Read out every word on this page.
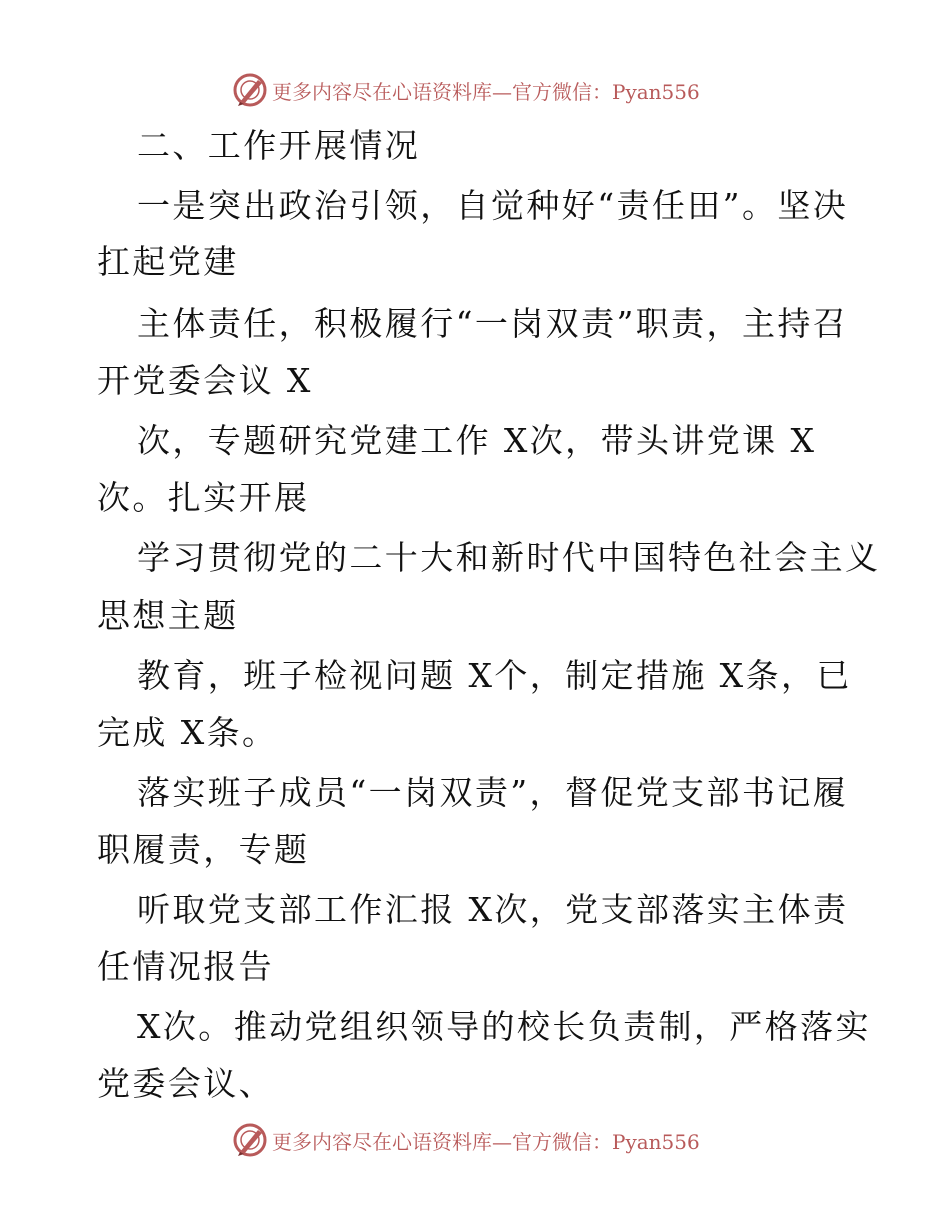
更多内容尽在心语资料库—官方微信：Pyan556
二、工作开展情况
一是突出政治引领，自觉种好“责任田”。坚决
扛起党建
主体责任，积极履行“一岗双责”职责，主持召
开党委会议 X
次，专题研究党建工作 X次，带头讲党课 X
次。扎实开展
学习贯彻党的二十大和新时代中国特色社会主义
思想主题
教育，班子检视问题 X个，制定措施 X条，已
完成 X条。
落实班子成员“一岗双责”，督促党支部书记履
职履责，专题
听取党支部工作汇报 X次，党支部落实主体责
任情况报告
X次。推动党组织领导的校长负责制，严格落实
党委会议、
更多内容尽在心语资料库—官方微信：Pyan556
